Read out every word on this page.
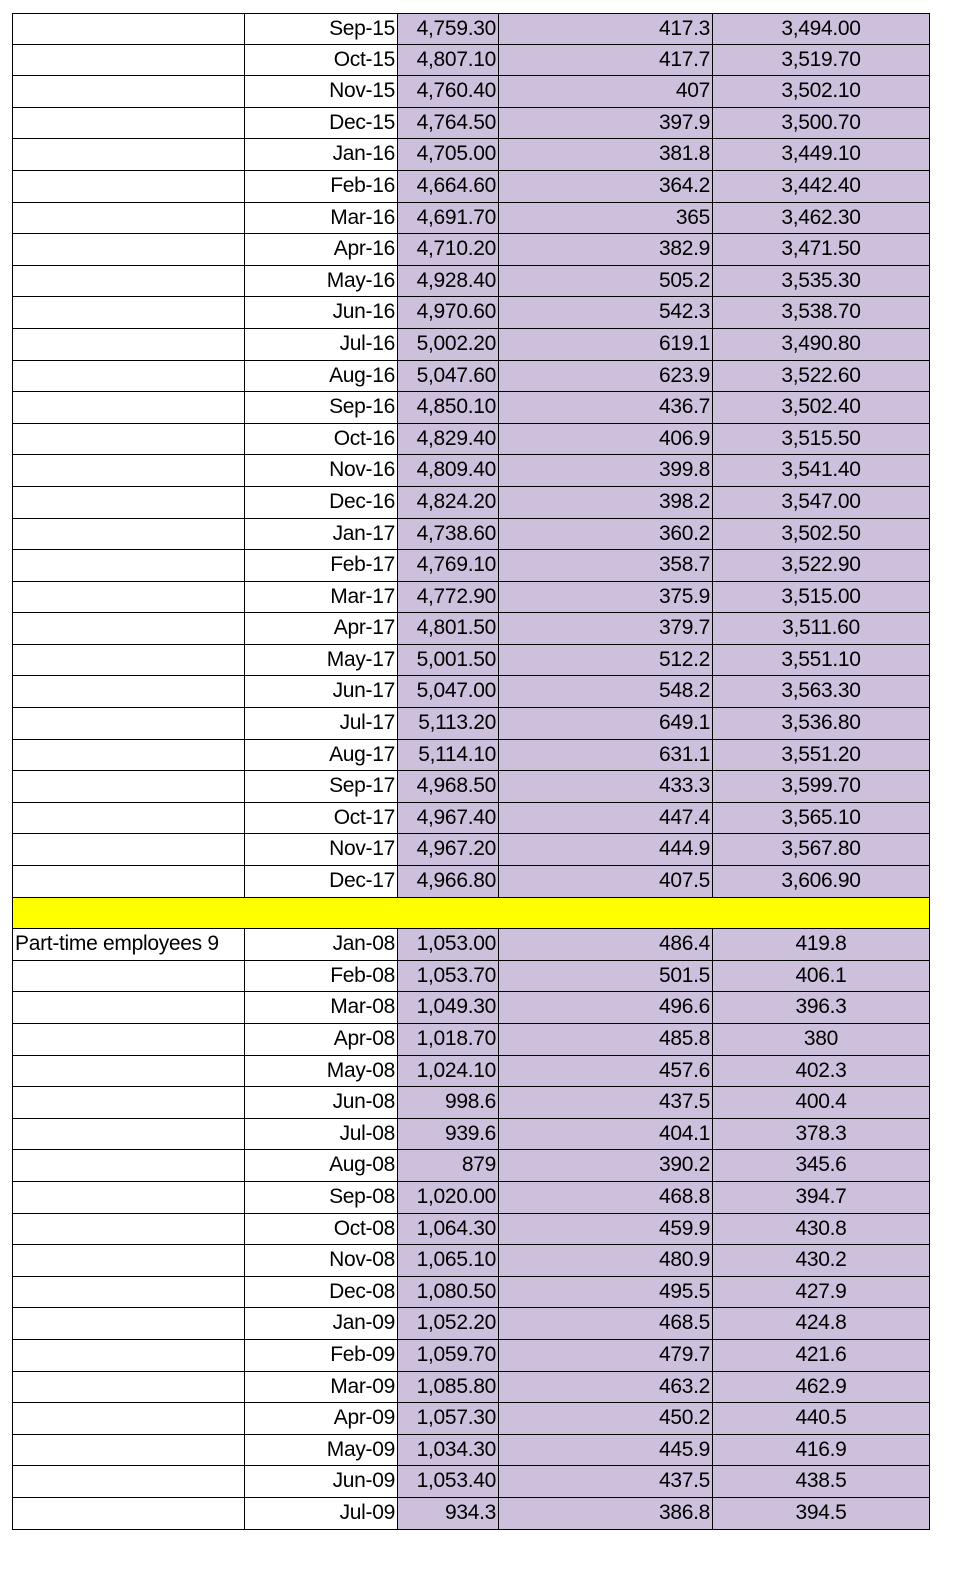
Sep-15	4,759.30	417.3	3,494.00
Oct-15	4,807.10	417.7	3,519.70
Nov-15	4,760.40	407	3,502.10
Dec-15	4,764.50	397.9	3,500.70
Jan-16	4,705.00	381.8	3,449.10
Feb-16	4,664.60	364.2	3,442.40
Mar-16	4,691.70	365	3,462.30
Apr-16	4,710.20	382.9	3,471.50
May-16	4,928.40	505.2	3,535.30
Jun-16	4,970.60	542.3	3,538.70
Jul-16	5,002.20	619.1	3,490.80
Aug-16	5,047.60	623.9	3,522.60
Sep-16	4,850.10	436.7	3,502.40
Oct-16	4,829.40	406.9	3,515.50
Nov-16	4,809.40	399.8	3,541.40
Dec-16	4,824.20	398.2	3,547.00
Jan-17	4,738.60	360.2	3,502.50
Feb-17	4,769.10	358.7	3,522.90
Mar-17	4,772.90	375.9	3,515.00
Apr-17	4,801.50	379.7	3,511.60
May-17	5,001.50	512.2	3,551.10
Jun-17	5,047.00	548.2	3,563.30
Jul-17	5,113.20	649.1	3,536.80
Aug-17	5,114.10	631.1	3,551.20
Sep-17	4,968.50	433.3	3,599.70
Oct-17	4,967.40	447.4	3,565.10
Nov-17	4,967.20	444.9	3,567.80
Dec-17	4,966.80	407.5	3,606.90
Part-time employees 9	Jan-08	1,053.00	486.4	419.8
Feb-08	1,053.70	501.5	406.1
Mar-08	1,049.30	496.6	396.3
Apr-08	1,018.70	485.8	380
May-08	1,024.10	457.6	402.3
Jun-08	998.6	437.5	400.4
Jul-08	939.6	404.1	378.3
Aug-08	879	390.2	345.6
Sep-08	1,020.00	468.8	394.7
Oct-08	1,064.30	459.9	430.8
Nov-08	1,065.10	480.9	430.2
Dec-08	1,080.50	495.5	427.9
Jan-09	1,052.20	468.5	424.8
Feb-09	1,059.70	479.7	421.6
Mar-09	1,085.80	463.2	462.9
Apr-09	1,057.30	450.2	440.5
May-09	1,034.30	445.9	416.9
Jun-09	1,053.40	437.5	438.5
Jul-09	934.3	386.8	394.5
